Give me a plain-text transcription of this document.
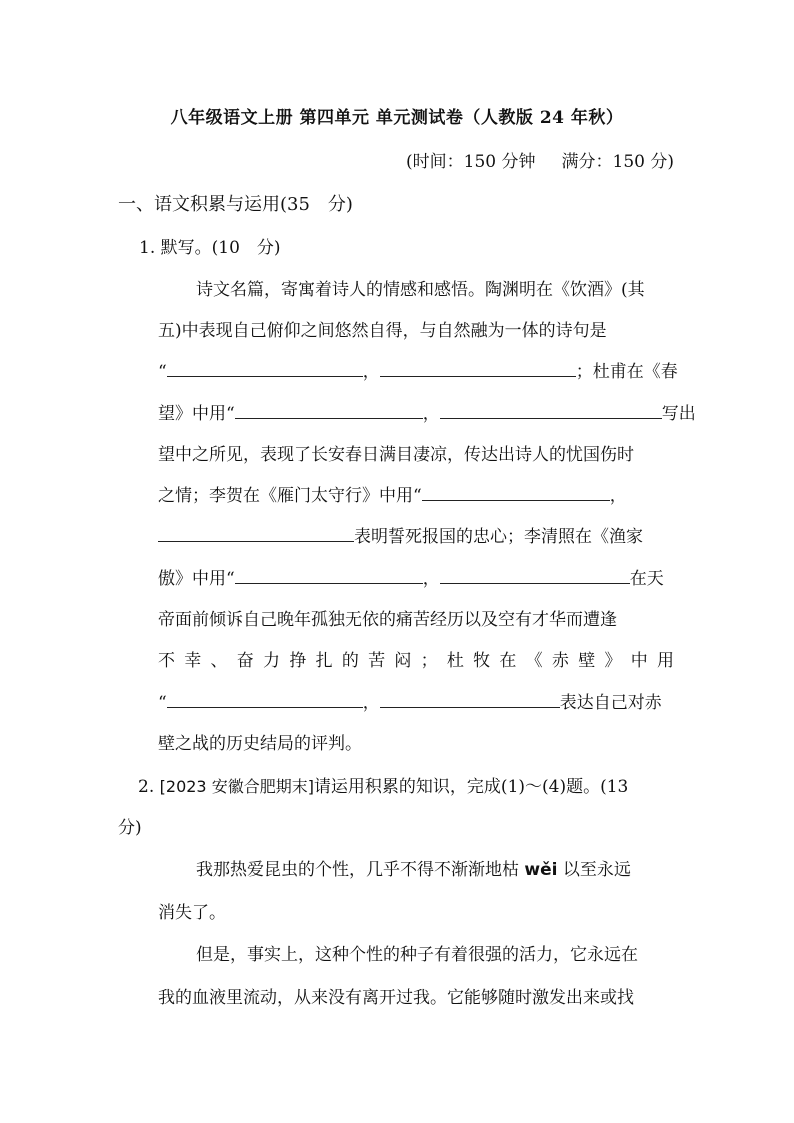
八年级语文上册 第四单元 单元测试卷（人教版 24 年秋）
(时间：150 分钟 满分：150 分)
一、语文积累与运用(35　分)
1. 默写。(10　分)
诗文名篇，寄寓着诗人的情感和感悟。陶渊明在《饮酒》(其
五)中表现自己俯仰之间悠然自得，与自然融为一体的诗句是
“	，	；杜甫在《春
望》中用“	，	写出
望中之所见，表现了长安春日满目凄凉，传达出诗人的忧国伤时
之情；李贺在《雁门太守行》中用“	，
表明誓死报国的忠心；李清照在《渔家
傲》中用“	，	在天
帝面前倾诉自己晚年孤独无依的痛苦经历以及空有才华而遭逢
不幸、奋力挣扎的苦闷；杜牧在《赤壁》中用
“	，	表达自己对赤
壁之战的历史结局的评判。
2. [2023 安徽合肥期末]请运用积累的知识，完成(1)～(4)题。(13
分)
我那热爱昆虫的个性，几乎不得不渐渐地枯 wěi 以至永远
消失了。
但是，事实上，这种个性的种子有着很强的活力，它永远在
我的血液里流动，从来没有离开过我。它能够随时激发出来或找
